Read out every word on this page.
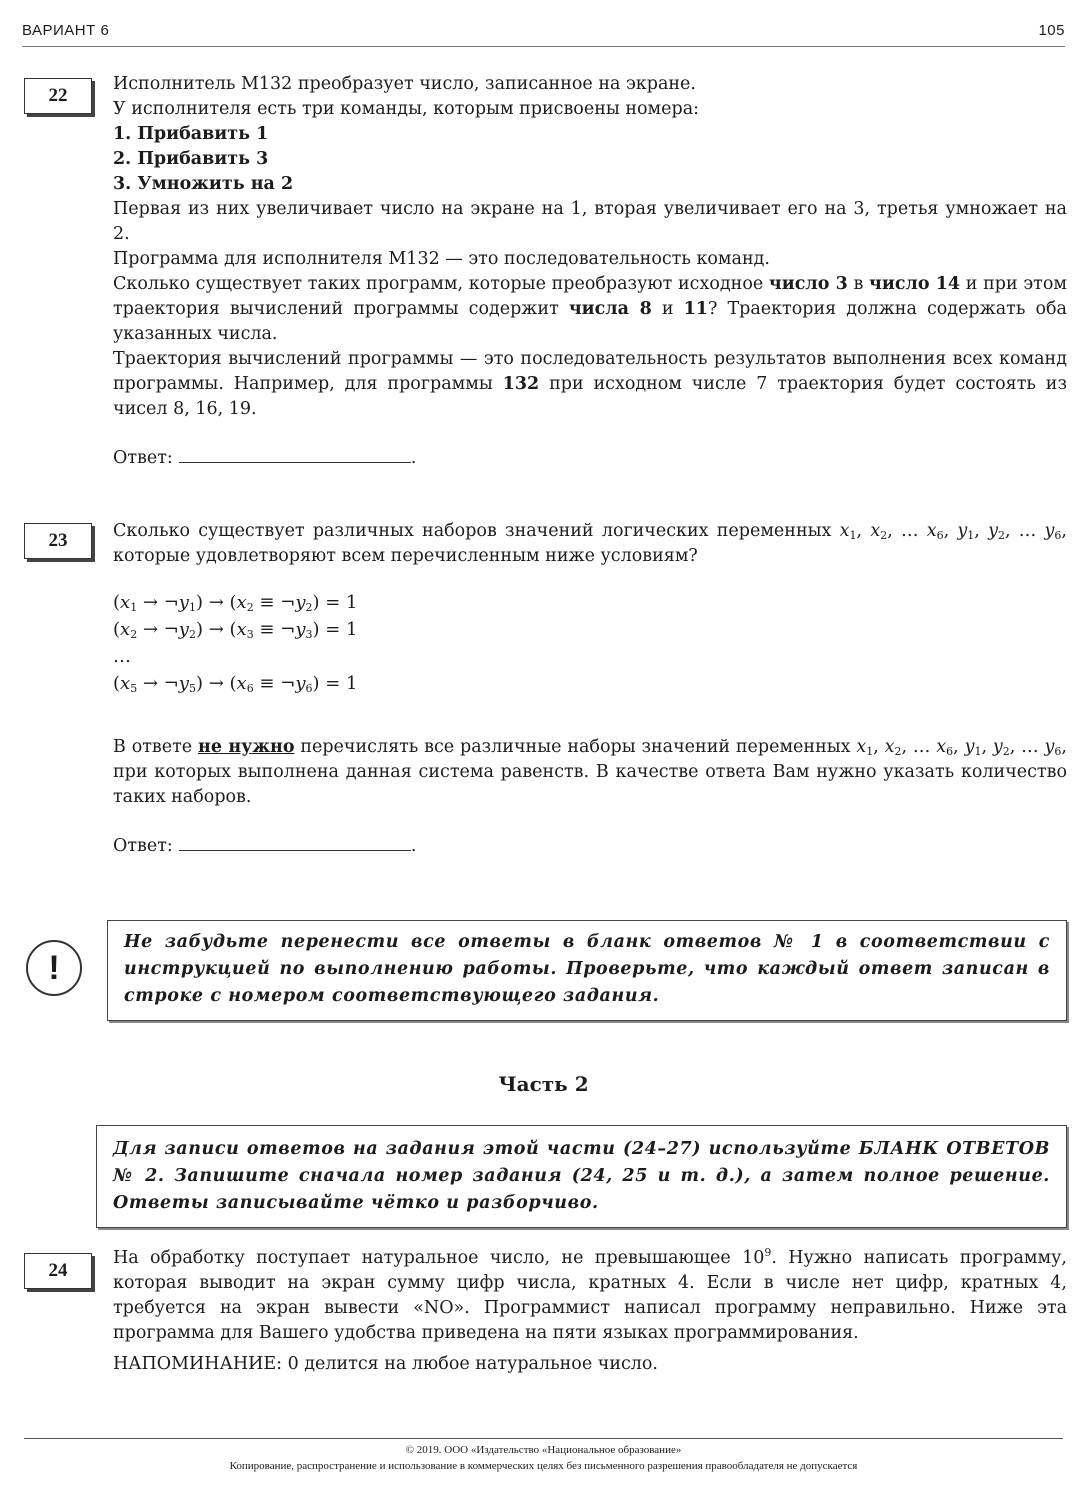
ВАРИАНТ 6	105
22

Исполнитель М132 преобразует число, записанное на экране.

У исполнителя есть три команды, которым присвоены номера:

1. Прибавить 1

2. Прибавить 3

3. Умножить на 2

Первая из них увеличивает число на экране на 1, вторая увеличивает его на 3, третья умножает на 2.

Программа для исполнителя М132 — это последовательность команд.

Сколько существует таких программ, которые преобразуют исходное число 3 в число 14 и при этом траектория вычислений программы содержит числа 8 и 11? Траектория должна содержать оба указанных числа.

Траектория вычислений программы — это последовательность результатов выполнения всех команд программы. Например, для программы 132 при исходном числе 7 траектория будет состоять из чисел 8, 16, 19.

Ответ:	.

23	Сколько существует различных наборов значений логических переменных $x_1$, $x_2$, … $x_6$, $y_1$, $y_2$, … $y_6$, которые удовлетворяют всем перечисленным ниже условиям?

($x_1$ → $\neg y_1) \to (x_2$ ≡ $\neg y_2) = 1$

($x_2$ → $\neg y_2) \to (x_3$ ≡ $\neg y_3) = 1$

…

($x_5$ → $\neg y_5) \to (x_6$ ≡ $\neg y_6) = 1$

В ответе не нужно перечислять все различные наборы значений переменных $x_1$, $x_2$, … $x_6$, $y_1$, $y_2$, … $y_6$, при которых выполнена данная система равенств. В качестве ответа Вам нужно указать количество таких наборов.

Ответ:	.

!
Не забудьте перенести все ответы в бланк ответов № 1 в соответствии с инструкцией по выполнению работы. Проверьте, что каждый ответ записан в строке с номером соответствующего задания.
Часть 2
Для записи ответов на задания этой части (24–27) используйте БЛАНК ОТВЕТОВ № 2. Запишите сначала номер задания (24, 25 и т. д.), а затем полное решение. Ответы записывайте чётко и разборчиво.
24

На обработку поступает натуральное число, не превышающее $10^9$. Нужно написать программу, которая выводит на экран сумму цифр числа, кратных 4. Если в числе нет цифр, кратных 4, требуется на экран вывести «NO». Программист написал программу неправильно. Ниже эта программа для Вашего удобства приведена на пяти языках программирования.

НАПОМИНАНИЕ: 0 делится на любое натуральное число.

© 2019. ООО «Издательство «Национальное образование»
Копирование, распространение и использование в коммерческих целях без письменного разрешения правообладателя не допускается
